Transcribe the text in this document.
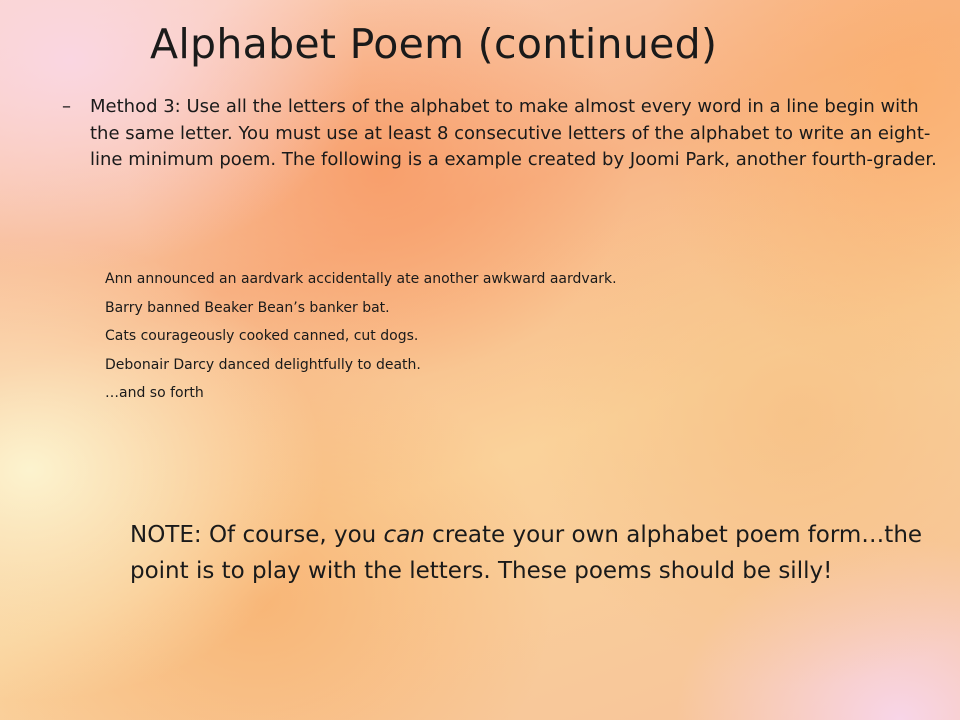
Alphabet Poem (continued)
–	Method 3: Use all the letters of the alphabet to make almost every word in a line begin with the same letter. You must use at least 8 consecutive letters of the alphabet to write an eight-line minimum poem. The following is a example created by Joomi Park, another fourth-grader.

Ann announced an aardvark accidentally ate another awkward aardvark.
Barry banned Beaker Bean’s banker bat.
Cats courageously cooked canned, cut dogs.
Debonair Darcy danced delightfully to death.
…and so forth

NOTE: Of course, you can create your own alphabet poem form…the point is to play with the letters. These poems should be silly!
